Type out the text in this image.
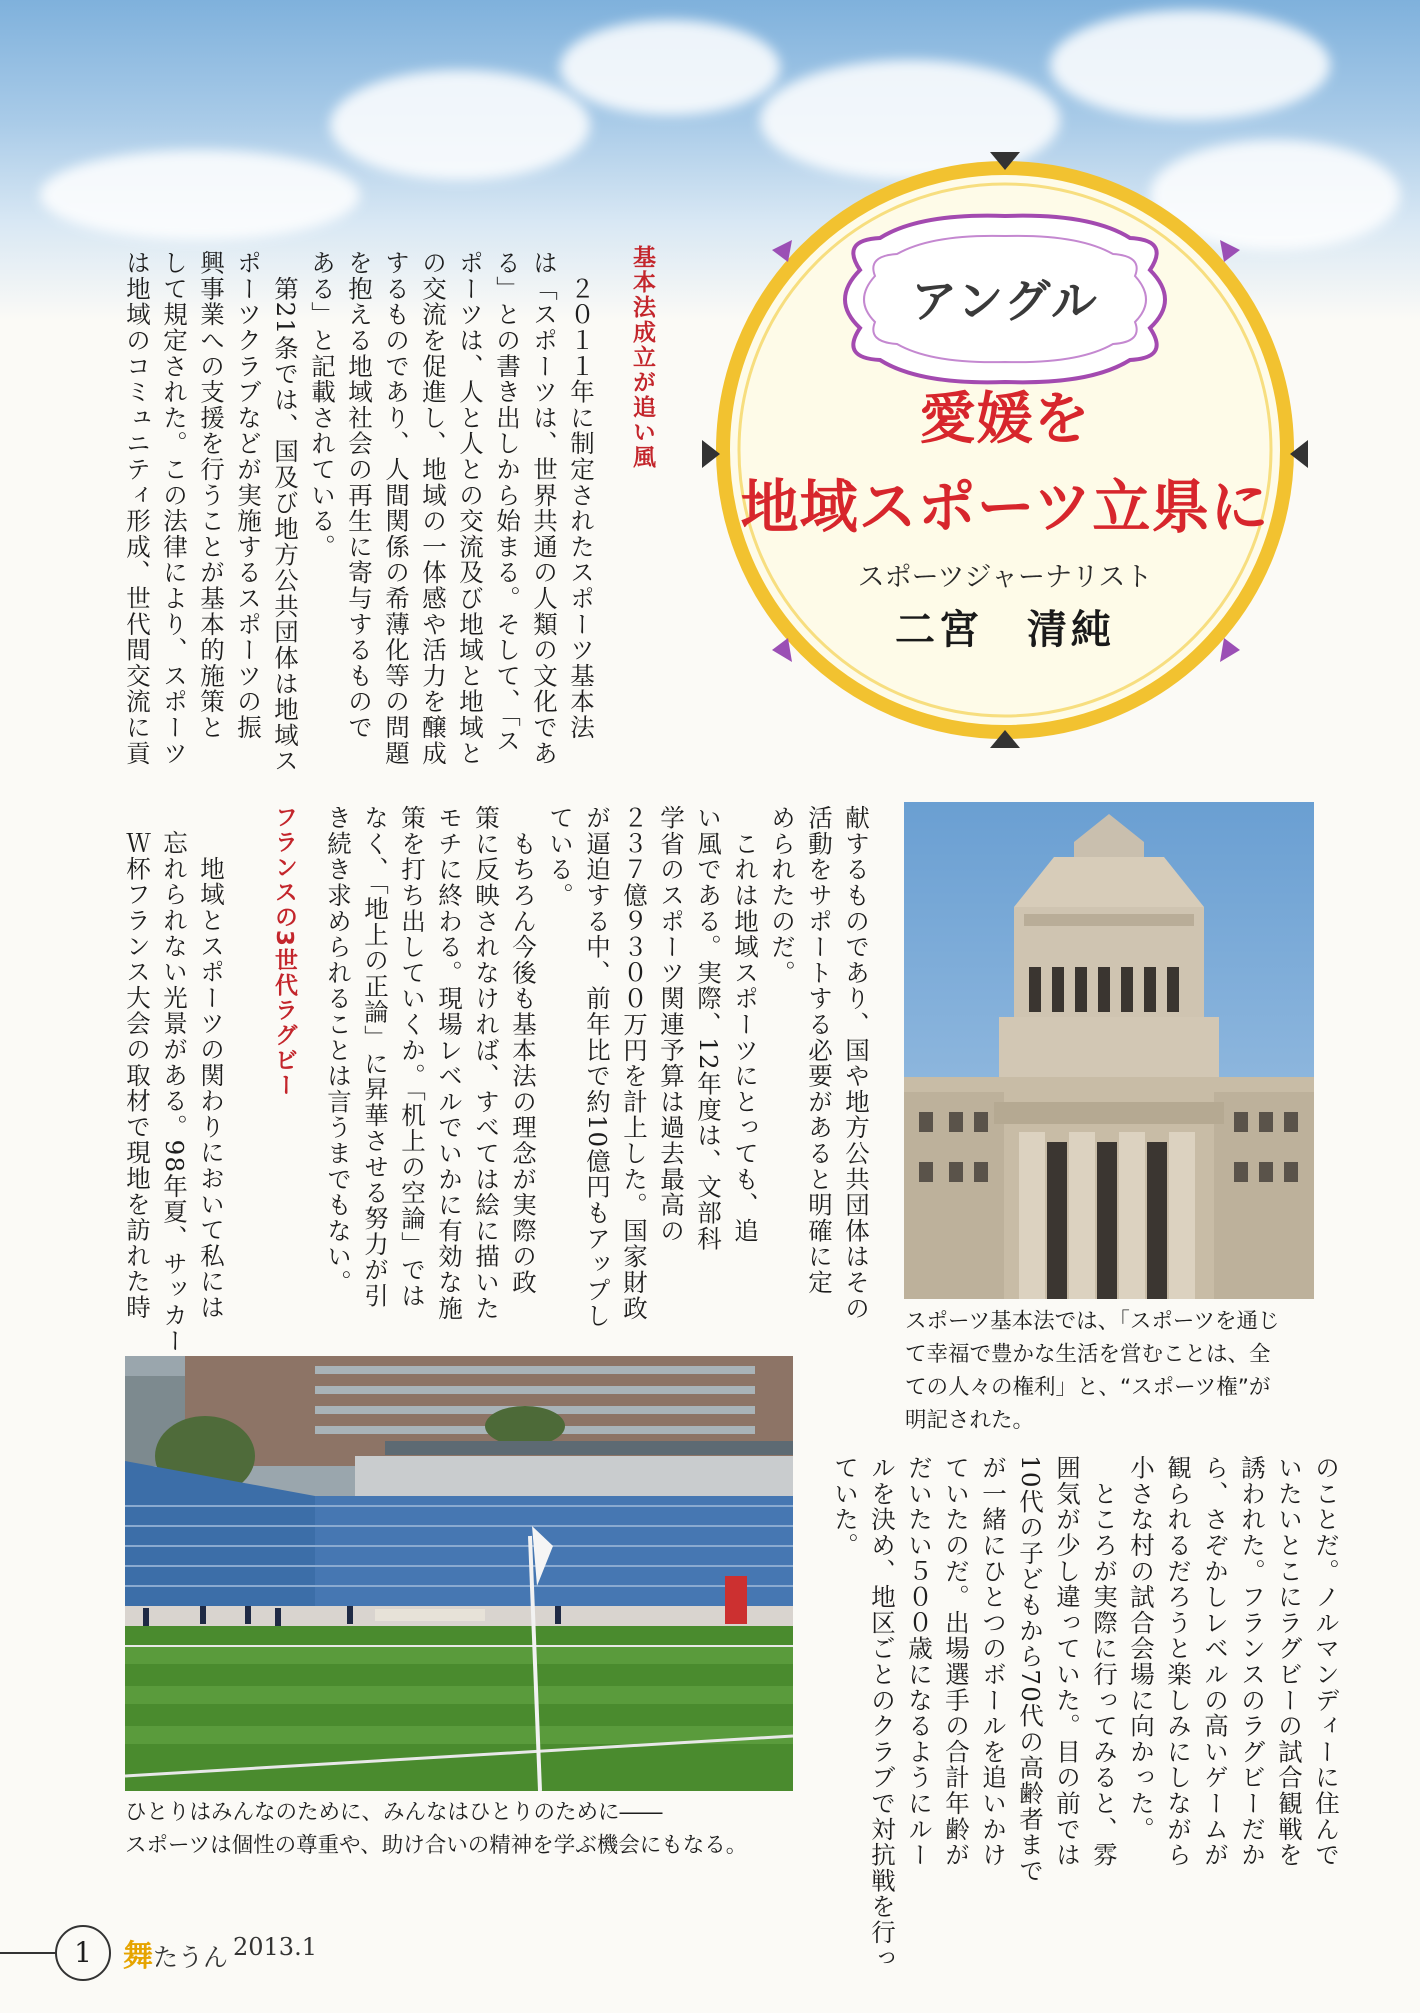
アングル
愛媛を
地域スポーツ立県に
スポーツジャーナリスト
二宮　清純
基本法成立が追い風
　２０１１年に制定されたスポーツ基本法
は「スポーツは、世界共通の人類の文化であ
る」との書き出しから始まる。そして、「ス
ポーツは、人と人との交流及び地域と地域と
の交流を促進し、地域の一体感や活力を醸成
するものであり、人間関係の希薄化等の問題
を抱える地域社会の再生に寄与するもので
ある」と記載されている。
　第21条では、国及び地方公共団体は地域ス
ポーツクラブなどが実施するスポーツの振
興事業への支援を行うことが基本的施策と
して規定された。この法律により、スポーツ
は地域のコミュニティ形成、世代間交流に貢
献するものであり、国や地方公共団体はその
活動をサポートする必要があると明確に定
められたのだ。
　これは地域スポーツにとっても、追
い風である。実際、12年度は、文部科
学省のスポーツ関連予算は過去最高の
２３７億９３００万円を計上した。国家財政
が逼迫する中、前年比で約10億円もアップし
ている。
　もちろん今後も基本法の理念が実際の政
策に反映されなければ、すべては絵に描いた
モチに終わる。現場レベルでいかに有効な施
策を打ち出していくか。「机上の空論」では
なく、「地上の正論」に昇華させる努力が引
き続き求められることは言うまでもない。
フランスの3世代ラグビー
　地域とスポーツの関わりにおいて私には
忘れられない光景がある。98年夏、サッカー
Ｗ杯フランス大会の取材で現地を訪れた時
のことだ。ノルマンディーに住んで
いたいとこにラグビーの試合観戦を
誘われた。フランスのラグビーだか
ら、さぞかしレベルの高いゲームが
観られるだろうと楽しみにしながら
小さな村の試合会場に向かった。
　ところが実際に行ってみると、雰
囲気が少し違っていた。目の前では
10代の子どもから70代の高齢者まで
が一緒にひとつのボールを追いかけ
ていたのだ。出場選手の合計年齢が
だいたい５００歳になるようにルー
ルを決め、地区ごとのクラブで対抗戦を行っ
ていた。
スポーツ基本法では、「スポーツを通じ
て幸福で豊かな生活を営むことは、全
ての人々の権利」と、“スポーツ権”が
明記された。
ひとりはみんなのために、みんなはひとりのために――
スポーツは個性の尊重や、助け合いの精神を学ぶ機会にもなる。
1	舞たうん 2013.1
